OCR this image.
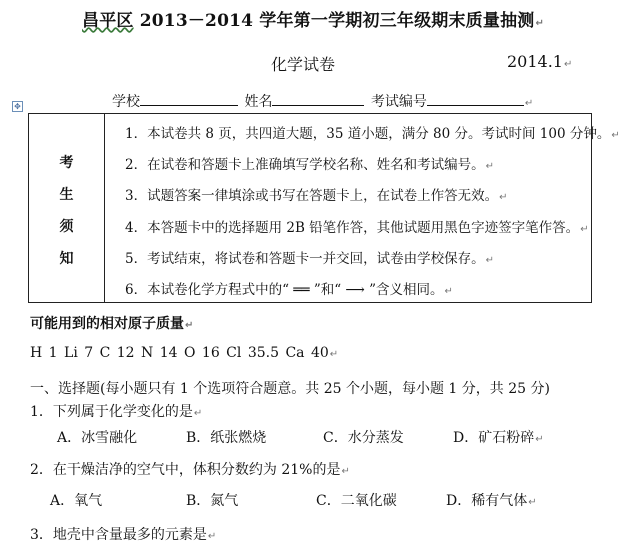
昌平区 2013－2014 学年第一学期初三年级期末质量抽测↵
化学试卷	2014.1↵
✥	学校	姓名	考试编号	↵
考
生
须
知
1．本试卷共 8 页，共四道大题，35 道小题，满分 80 分。考试时间 100 分钟。↵
2．在试卷和答题卡上准确填写学校名称、姓名和考试编号。↵
3．试题答案一律填涂或书写在答题卡上，在试卷上作答无效。↵
4．本答题卡中的选择题用 2B 铅笔作答，其他试题用黑色字迹签字笔作答。↵
5．考试结束，将试卷和答题卡一并交回，试卷由学校保存。↵
6．本试卷化学方程式中的“ ══ ”和“ ⟶ ”含义相同。↵
可能用到的相对原子质量↵
H 1 Li 7 C 12 N 14 O 16 Cl 35.5 Ca 40↵
一、选择题(每小题只有 1 个选项符合题意。共 25 个小题，每小题 1 分，共 25 分)
1．下列属于化学变化的是↵
A．冰雪融化	B．纸张燃烧	C．水分蒸发	D．矿石粉碎↵
2．在干燥洁净的空气中，体积分数约为 21%的是↵
A．氧气	B．氮气	C．二氧化碳	D．稀有气体↵
3．地壳中含量最多的元素是↵
